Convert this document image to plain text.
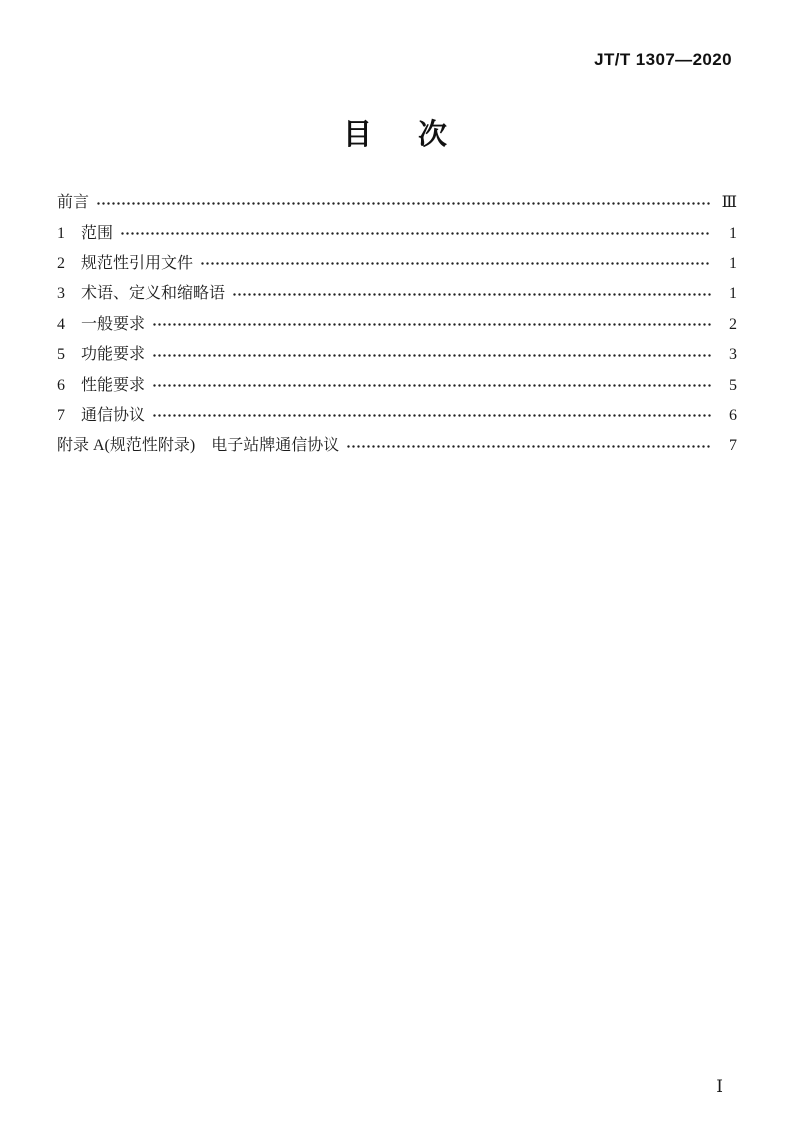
JT/T 1307—2020
目 次
前言	Ⅲ
1	范围	1
2	规范性引用文件	1
3	术语、定义和缩略语	1
4	一般要求	2
5	功能要求	3
6	性能要求	5
7	通信协议	6
附录 A(规范性附录)　电子站牌通信协议	7
Ⅰ
